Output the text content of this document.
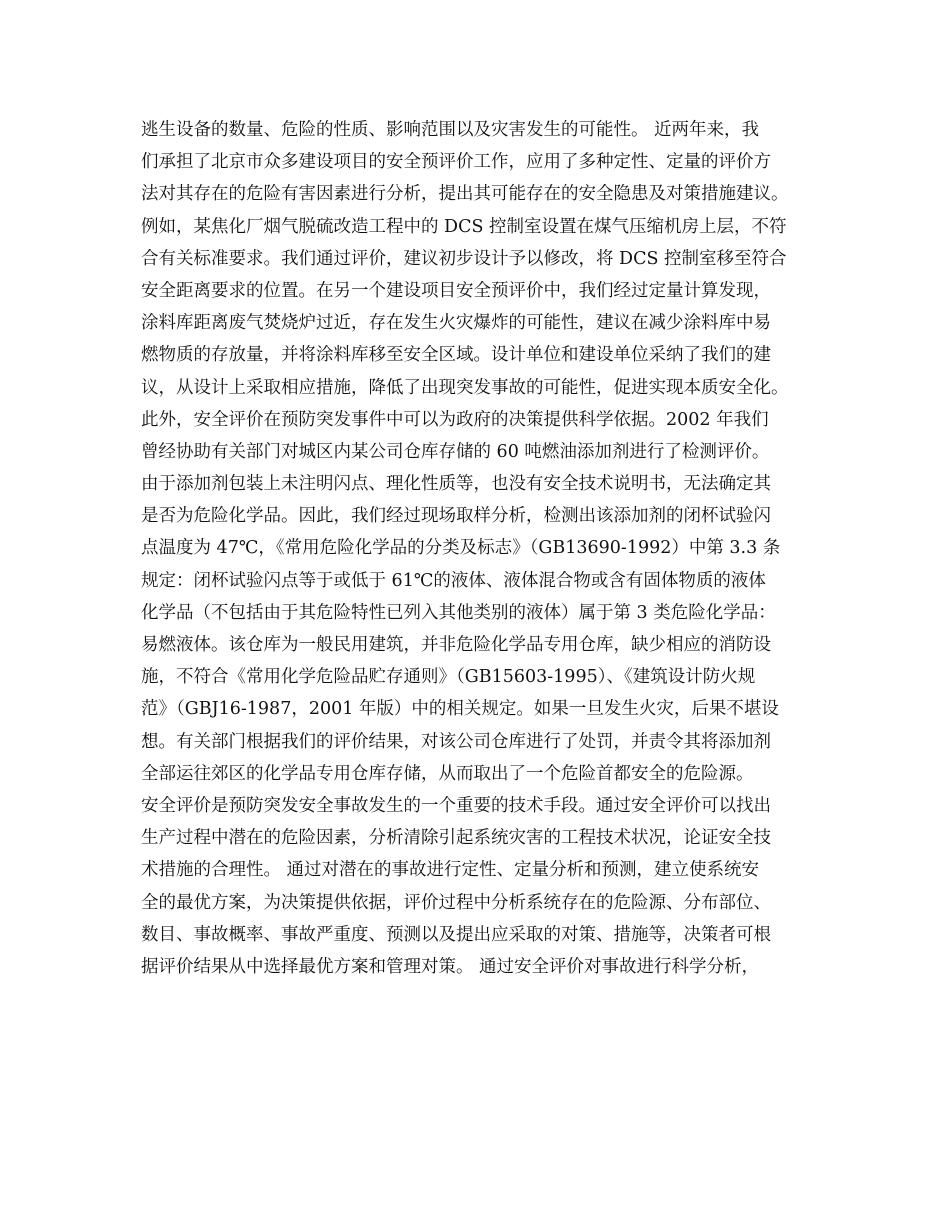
逃生设备的数量、危险的性质、影响范围以及灾害发生的可能性。 近两年来，我
们承担了北京市众多建设项目的安全预评价工作，应用了多种定性、定量的评价方
法对其存在的危险有害因素进行分析，提出其可能存在的安全隐患及对策措施建议。
例如，某焦化厂烟气脱硫改造工程中的 DCS 控制室设置在煤气压缩机房上层，不符
合有关标准要求。我们通过评价，建议初步设计予以修改，将 DCS 控制室移至符合
安全距离要求的位置。在另一个建设项目安全预评价中，我们经过定量计算发现，
涂料库距离废气焚烧炉过近，存在发生火灾爆炸的可能性，建议在减少涂料库中易
燃物质的存放量，并将涂料库移至安全区域。设计单位和建设单位采纳了我们的建
议，从设计上采取相应措施，降低了出现突发事故的可能性，促进实现本质安全化。
此外，安全评价在预防突发事件中可以为政府的决策提供科学依据。2002 年我们
曾经协助有关部门对城区内某公司仓库存储的 60 吨燃油添加剂进行了检测评价。
由于添加剂包装上未注明闪点、理化性质等，也没有安全技术说明书，无法确定其
是否为危险化学品。因此，我们经过现场取样分析，检测出该添加剂的闭杯试验闪
点温度为 47℃，《常用危险化学品的分类及标志》（GB13690-1992）中第 3.3 条
规定：闭杯试验闪点等于或低于 61℃的液体、液体混合物或含有固体物质的液体
化学品（不包括由于其危险特性已列入其他类别的液体）属于第 3 类危险化学品：
易燃液体。该仓库为一般民用建筑，并非危险化学品专用仓库，缺少相应的消防设
施，不符合《常用化学危险品贮存通则》（GB15603-1995）、《建筑设计防火规
范》（GBJ16-1987，2001 年版）中的相关规定。如果一旦发生火灾，后果不堪设
想。有关部门根据我们的评价结果，对该公司仓库进行了处罚，并责令其将添加剂
全部运往郊区的化学品专用仓库存储，从而取出了一个危险首都安全的危险源。
安全评价是预防突发安全事故发生的一个重要的技术手段。通过安全评价可以找出
生产过程中潜在的危险因素，分析清除引起系统灾害的工程技术状况，论证安全技
术措施的合理性。 通过对潜在的事故进行定性、定量分析和预测，建立使系统安
全的最优方案，为决策提供依据，评价过程中分析系统存在的危险源、分布部位、
数目、事故概率、事故严重度、预测以及提出应采取的对策、措施等，决策者可根
据评价结果从中选择最优方案和管理对策。 通过安全评价对事故进行科学分析，
